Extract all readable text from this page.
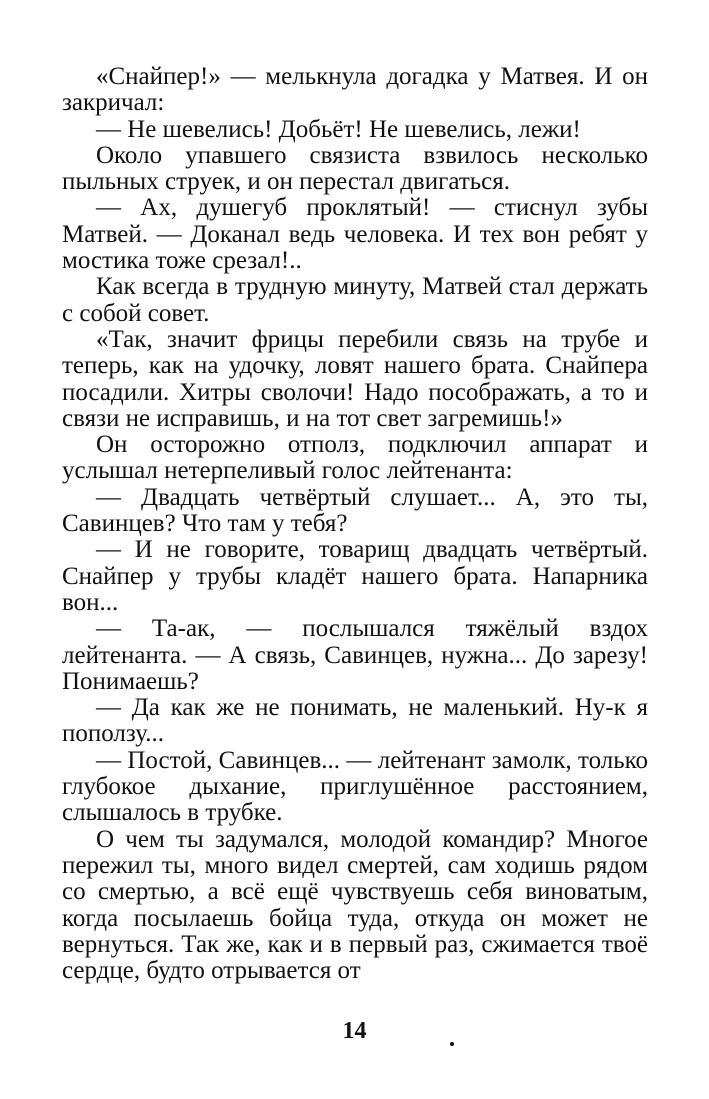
«Снайпер!» — мелькнула догадка у Матвея. И он закричал:

— Не шевелись! Добьёт! Не шевелись, лежи!

Около упавшего связиста взвилось несколько пыльных струек, и он перестал двигаться.

— Ах, душегуб проклятый! — стиснул зубы Матвей. — Доканал ведь человека. И тех вон ребят у мостика тоже срезал!..

Как всегда в трудную минуту, Матвей стал держать с собой совет.

«Так, значит фрицы перебили связь на трубе и теперь, как на удочку, ловят нашего брата. Снайпера посадили. Хитры сволочи! Надо посображать, а то и связи не исправишь, и на тот свет загремишь!»

Он осторожно отполз, подключил аппарат и услышал нетерпеливый голос лейтенанта:

— Двадцать четвёртый слушает... А, это ты, Савинцев? Что там у тебя?

— И не говорите, товарищ двадцать четвёртый. Снайпер у трубы кладёт нашего брата. Напарника вон...

— Та-ак, — послышался тяжёлый вздох лейтенанта. — А связь, Савинцев, нужна... До зарезу! Понимаешь?

— Да как же не понимать, не маленький. Ну-к я поползу...

— Постой, Савинцев... — лейтенант замолк, только глубокое дыхание, приглушённое расстоянием, слышалось в трубке.

О чем ты задумался, молодой командир? Многое пережил ты, много видел смертей, сам ходишь рядом со смертью, а всё ещё чувствуешь себя виноватым, когда посылаешь бойца туда, откуда он может не вернуться. Так же, как и в первый раз, сжимается твоё сердце, будто отрывается от

14
